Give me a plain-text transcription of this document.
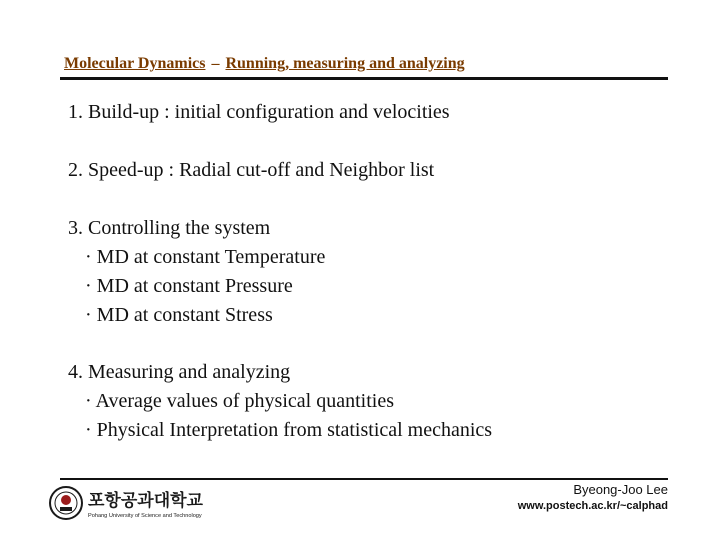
Molecular Dynamics – Running, measuring and analyzing
1. Build-up : initial configuration and velocities
2. Speed-up : Radial cut-off and Neighbor list
3. Controlling the system
· MD at constant Temperature
· MD at constant Pressure
· MD at constant Stress
4. Measuring and analyzing
· Average values of physical quantities
· Physical Interpretation from statistical mechanics
포항공과대학교
Pohang University of Science and Technology
Byeong-Joo Lee
www.postech.ac.kr/~calphad
